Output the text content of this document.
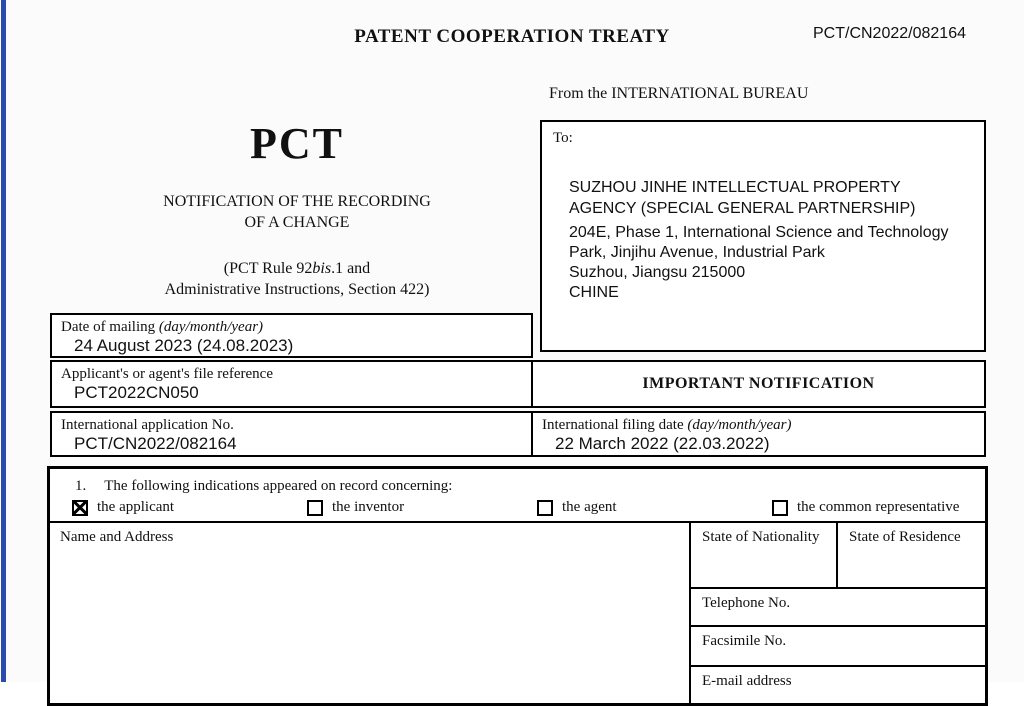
PATENT COOPERATION TREATY	PCT/CN2022/082164
From the INTERNATIONAL BUREAU
PCT
NOTIFICATION OF THE RECORDING
OF A CHANGE
(PCT Rule 92bis.1 and
Administrative Instructions, Section 422)
To:
SUZHOU JINHE INTELLECTUAL PROPERTY
AGENCY (SPECIAL GENERAL PARTNERSHIP)
204E, Phase 1, International Science and Technology
Park, Jinjihu Avenue, Industrial Park
Suzhou, Jiangsu 215000
CHINE
Date of mailing (day/month/year)
24 August 2023 (24.08.2023)
Applicant's or agent's file reference
PCT2022CN050	IMPORTANT NOTIFICATION
International application No.
PCT/CN2022/082164
International filing date (day/month/year)
22 March 2022 (22.03.2022)
1. The following indications appeared on record concerning:
the applicant	the inventor	the agent	the common representative
Name and Address	State of Nationality	State of Residence
Telephone No.
Facsimile No.
E-mail address
